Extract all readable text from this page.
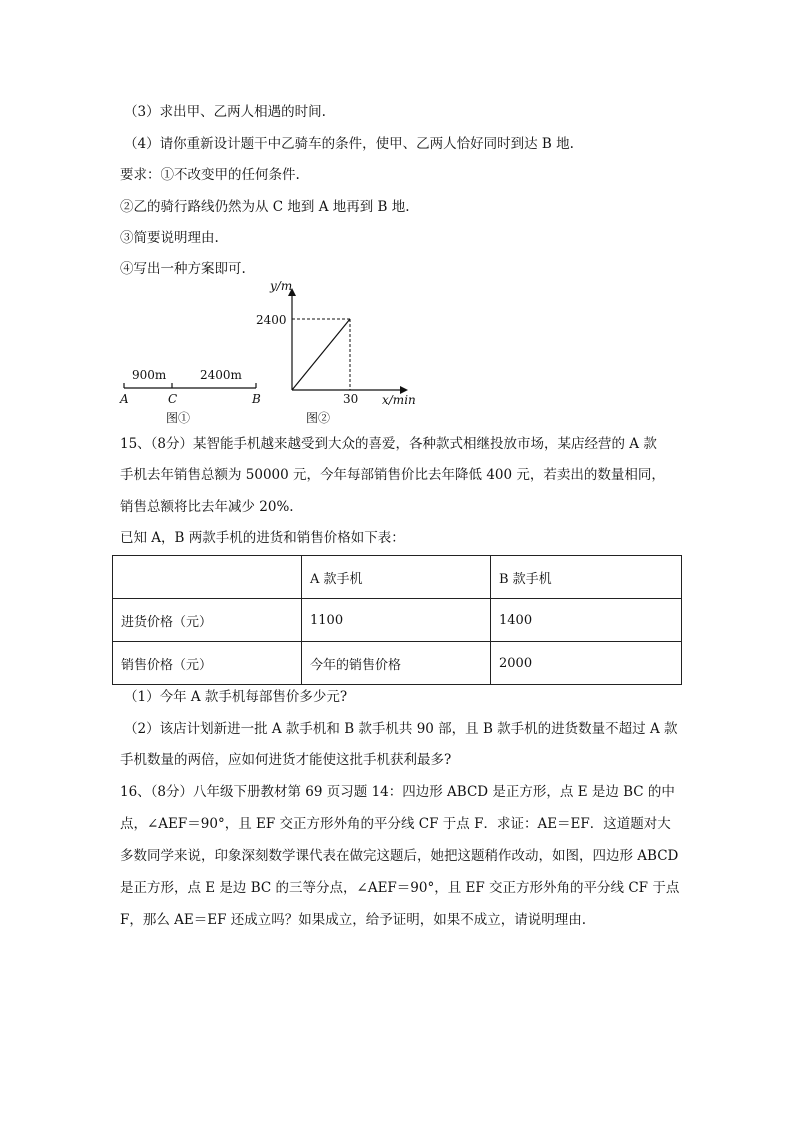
（3）求出甲、乙两人相遇的时间.

（4）请你重新设计题干中乙骑车的条件，使甲、乙两人恰好同时到达 B 地.

要求：①不改变甲的任何条件.

②乙的骑行路线仍然为从 C 地到 A 地再到 B 地.

③简要说明理由.

④写出一种方案即可.

900m	2400m
A	C	B
图①
y/m
2400
30 x/min
图②

15、（8分）某智能手机越来越受到大众的喜爱，各种款式相继投放市场，某店经营的 A 款

手机去年销售总额为 50000 元，今年每部销售价比去年降低 400 元，若卖出的数量相同，

销售总额将比去年减少 20%.

已知 A，B 两款手机的进货和销售价格如下表：

	A 款手机	B 款手机
进货价格（元）	1100	1400
销售价格（元）	今年的销售价格	2000

（1）今年 A 款手机每部售价多少元?

（2）该店计划新进一批 A 款手机和 B 款手机共 90 部，且 B 款手机的进货数量不超过 A 款

手机数量的两倍，应如何进货才能使这批手机获利最多?

16、（8分）八年级下册教材第 69 页习题 14：四边形 ABCD 是正方形，点 E 是边 BC 的中点，∠AEF＝90°，且 EF 交正方形外角的平分线 CF 于点 F．求证：AE＝EF．这道题对大多数同学来说，印象深刻数学课代表在做完这题后，她把这题稍作改动，如图，四边形 ABCD 是正方形，点 E 是边 BC 的三等分点，∠AEF＝90°，且 EF 交正方形外角的平分线 CF 于点 F，那么 AE＝EF 还成立吗？如果成立，给予证明，如果不成立，请说明理由.
